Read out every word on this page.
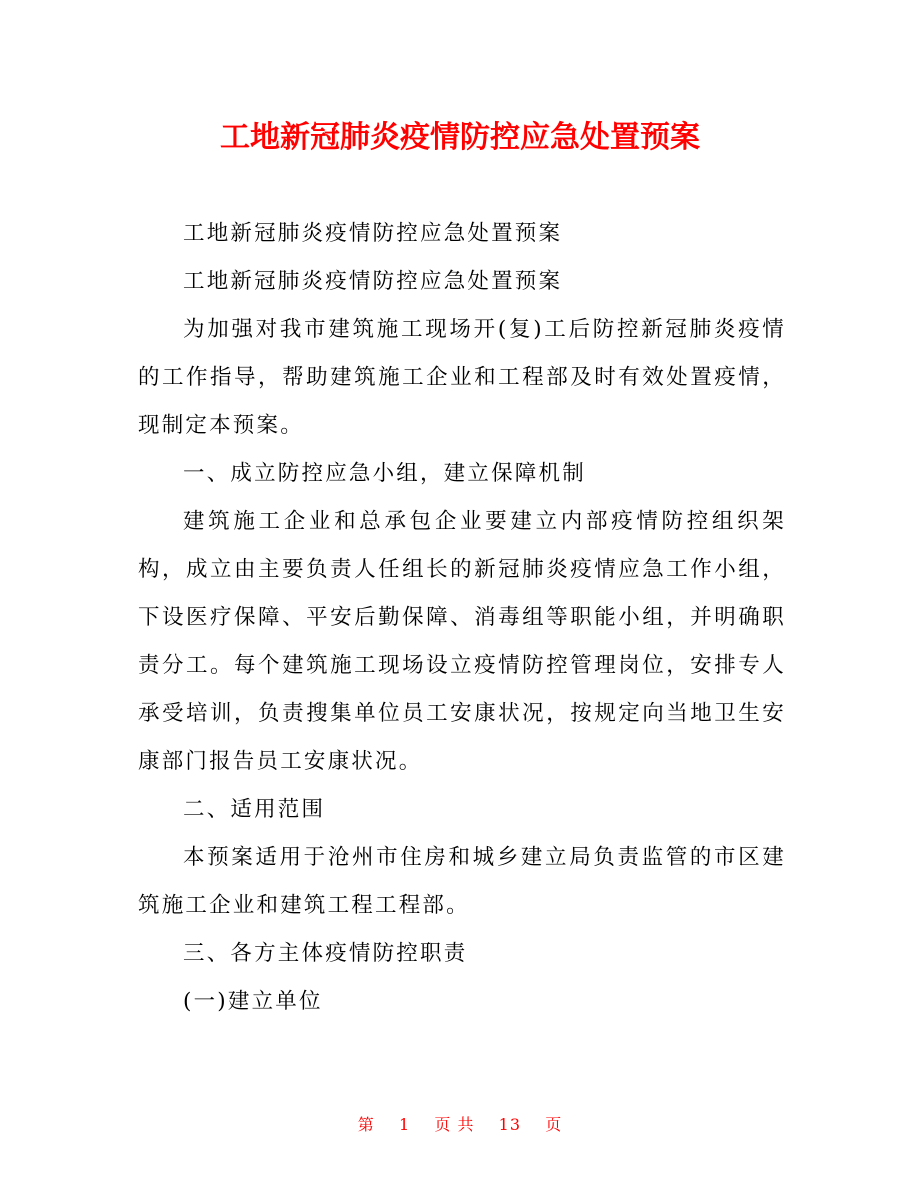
工地新冠肺炎疫情防控应急处置预案

工地新冠肺炎疫情防控应急处置预案

工地新冠肺炎疫情防控应急处置预案

为加强对我市建筑施工现场开(复)工后防控新冠肺炎疫情的工作指导，帮助建筑施工企业和工程部及时有效处置疫情，现制定本预案。

一、成立防控应急小组，建立保障机制

建筑施工企业和总承包企业要建立内部疫情防控组织架构，成立由主要负责人任组长的新冠肺炎疫情应急工作小组，下设医疗保障、平安后勤保障、消毒组等职能小组，并明确职责分工。每个建筑施工现场设立疫情防控管理岗位，安排专人承受培训，负责搜集单位员工安康状况，按规定向当地卫生安康部门报告员工安康状况。

二、适用范围

本预案适用于沧州市住房和城乡建立局负责监管的市区建筑施工企业和建筑工程工程部。

三、各方主体疫情防控职责

(一)建立单位

第 1 页 共 13 页
